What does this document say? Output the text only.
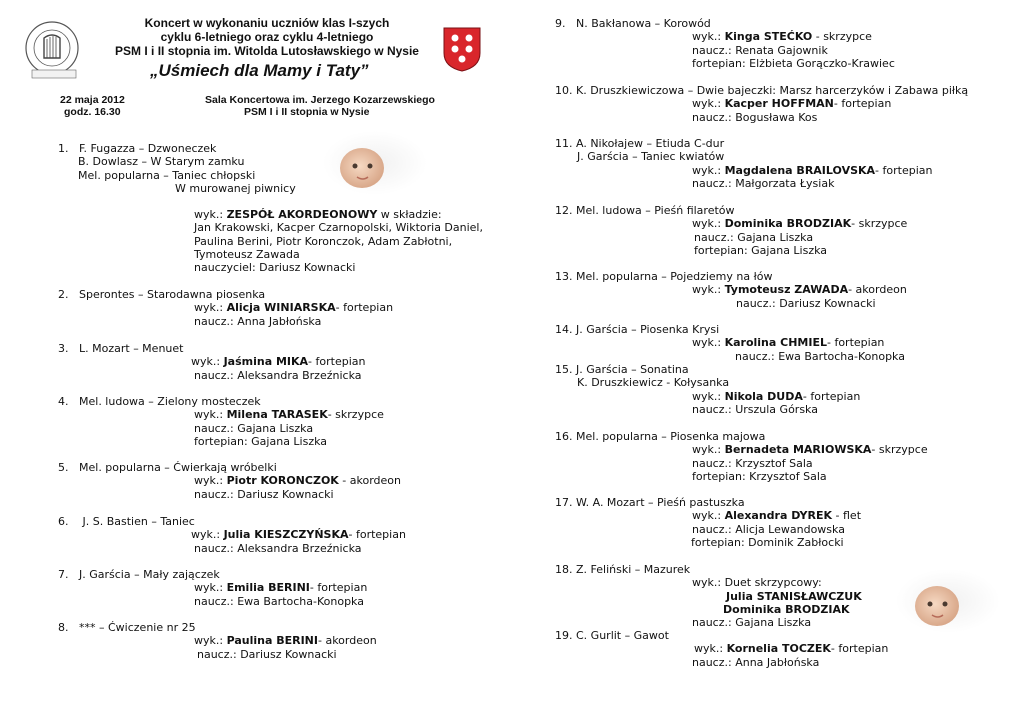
Koncert w wykonaniu uczniów klas I-szych
cyklu 6-letniego oraz cyklu 4-letniego
PSM I i II stopnia im. Witolda Lutosławskiego w Nysie
„Uśmiech dla Mamy i Taty”
22 maja 2012
godz. 16.30
Sala Koncertowa im. Jerzego Kozarzewskiego
PSM I i II stopnia w Nysie
1. F. Fugazza – Dzwoneczek
B. Dowlasz – W Starym zamku
Mel. popularna – Taniec chłopski
W murowanej piwnicy
wyk.: ZESPÓŁ AKORDEONOWY w składzie:
Jan Krakowski, Kacper Czarnopolski, Wiktoria Daniel,
Paulina Berini, Piotr Koronczok, Adam Zabłotni,
Tymoteusz Zawada
nauczyciel: Dariusz Kownacki
2. Sperontes – Starodawna piosenka
wyk.: Alicja WINIARSKA- fortepian
naucz.: Anna Jabłońska
3. L. Mozart – Menuet
wyk.: Jaśmina MIKA- fortepian
naucz.: Aleksandra Brzeźnicka
4. Mel. ludowa – Zielony mosteczek
wyk.: Milena TARASEK- skrzypce
naucz.: Gajana Liszka
fortepian: Gajana Liszka
5. Mel. popularna – Ćwierkają wróbelki
wyk.: Piotr KORONCZOK - akordeon
naucz.: Dariusz Kownacki
6.    J. S. Bastien – Taniec
wyk.: Julia KIESZCZYŃSKA- fortepian
naucz.: Aleksandra Brzeźnicka
7. J. Garścia – Mały zajączek
wyk.: Emilia BERINI- fortepian
naucz.: Ewa Bartocha-Konopka
8. *** – Ćwiczenie nr 25
wyk.: Paulina BERINI- akordeon
naucz.: Dariusz Kownacki
9. N. Bakłanowa – Korowód
wyk.: Kinga STEĆKO - skrzypce
naucz.: Renata Gajownik
fortepian: Elżbieta Gorączko-Krawiec
10. K. Druszkiewiczowa – Dwie bajeczki: Marsz harcerzyków i Zabawa piłką
wyk.: Kacper HOFFMAN- fortepian
naucz.: Bogusława Kos
11. A. Nikołajew – Etiuda C-dur
J. Garścia – Taniec kwiatów
wyk.: Magdalena BRAILOVSKA- fortepian
naucz.: Małgorzata Łysiak
12. Mel. ludowa – Pieśń filaretów
wyk.: Dominika BRODZIAK- skrzypce
naucz.: Gajana Liszka
fortepian: Gajana Liszka
13. Mel. popularna – Pojedziemy na łów
wyk.: Tymoteusz ZAWADA- akordeon
naucz.: Dariusz Kownacki
14. J. Garścia – Piosenka Krysi
wyk.: Karolina CHMIEL- fortepian
naucz.: Ewa Bartocha-Konopka
15. J. Garścia – Sonatina
K. Druszkiewicz - Kołysanka
wyk.: Nikola DUDA- fortepian
naucz.: Urszula Górska
16. Mel. popularna – Piosenka majowa
wyk.: Bernadeta MARIOWSKA- skrzypce
naucz.: Krzysztof Sala
fortepian: Krzysztof Sala
17. W. A. Mozart – Pieśń pastuszka
wyk.: Alexandra DYREK - flet
naucz.: Alicja Lewandowska
fortepian: Dominik Zabłocki
18. Z. Feliński – Mazurek
wyk.: Duet skrzypcowy:
Julia STANISŁAWCZUK
Dominika BRODZIAK
naucz.: Gajana Liszka
19. C. Gurlit – Gawot
wyk.: Kornelia TOCZEK- fortepian
naucz.: Anna Jabłońska
